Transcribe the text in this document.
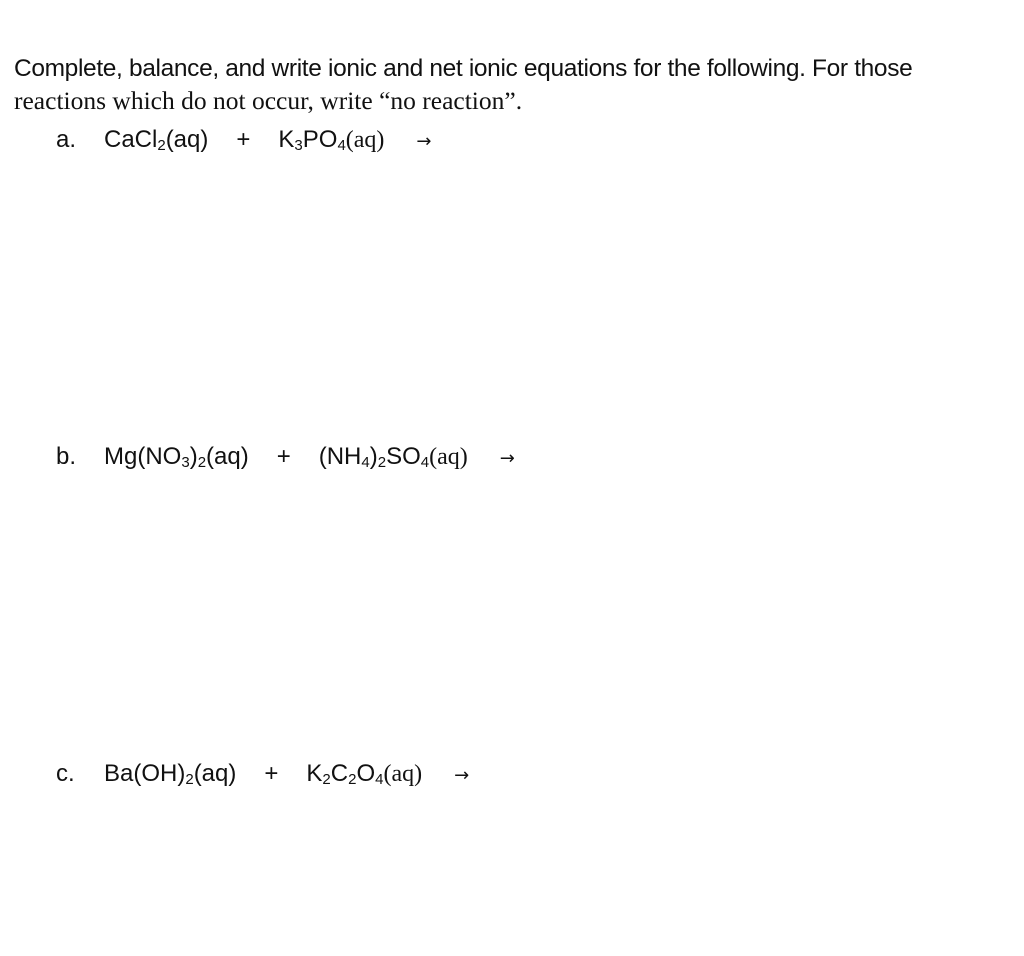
Complete, balance, and write ionic and net ionic equations for the following. For those
reactions which do not occur, write “no reaction”.
a. CaCl$_2$(aq) + $K_3PO_4(aq)$ →
b. $Mg(NO_3)_2(aq) + (NH_4)_2SO_4(aq)$ →
c. $Ba(OH)_2(aq) + K_2C_2O_4(aq)$ →
